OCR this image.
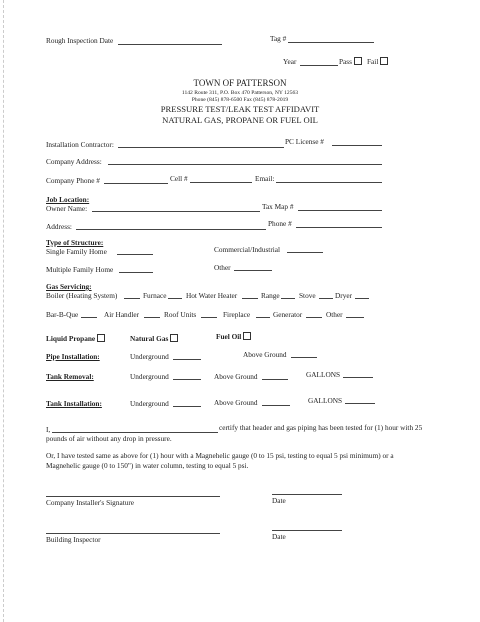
Rough Inspection Date	Tag #
Year	Pass	Fail
TOWN OF PATTERSON
1142 Route 311, P.O. Box 470 Patterson, NY 12563
Phone (845) 878-6500 Fax (845) 878-2019
PRESSURE TEST/LEAK TEST AFFIDAVIT
NATURAL GAS, PROPANE OR FUEL OIL
Installation Contractor:	PC License #
Company Address:
Company Phone #	Cell #	Email:
Job Location:
Owner Name:	Tax Map #
Address:	Phone #
Type of Structure:
Single Family Home	Commercial/Industrial
Multiple Family Home	Other
Gas Servicing:
Boiler (Heating System)	Furnace	Hot Water Heater	Range	Stove	Dryer
Bar-B-Que	Air Handler	Roof Units	Fireplace	Generator	Other
Liquid Propane	Natural Gas	Fuel Oil
Pipe Installation:	Underground	Above Ground
Tank Removal:	Underground	Above Ground	GALLONS
Tank Installation:	Underground	Above Ground	GALLONS
I,	certify that header and gas piping has been tested for (1) hour with 25
pounds of air without any drop in pressure.
Or, I have tested same as above for (1) hour with a Magnehelic gauge (0 to 15 psi, testing to equal 5 psi minimum) or a
Magnehelic gauge (0 to 150") in water column, testing to equal 5 psi.
Company Installer's Signature	Date
Building Inspector	Date
